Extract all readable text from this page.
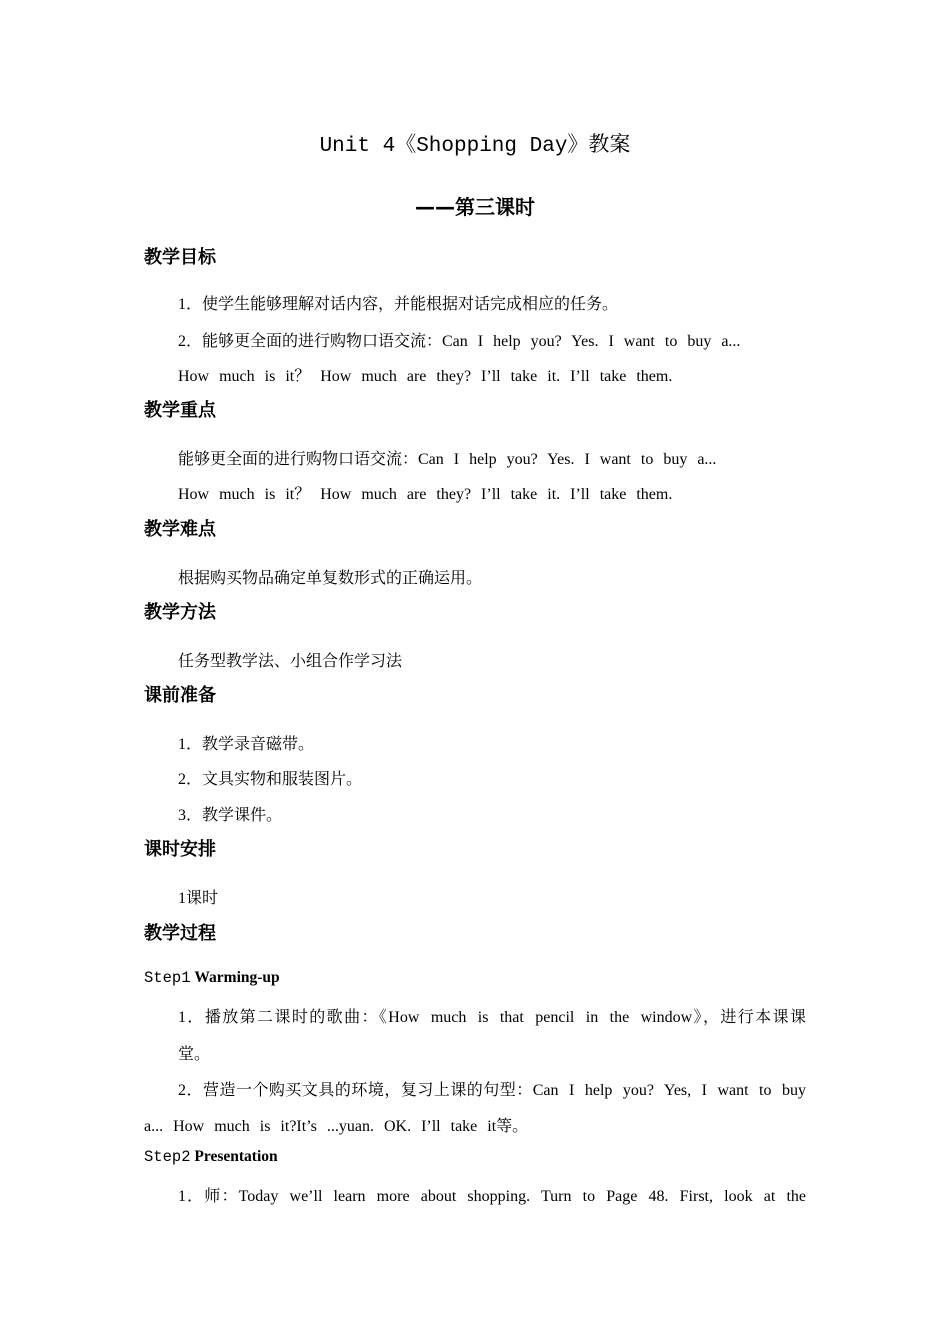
Unit 4《Shopping Day》教案
——第三课时
教学目标
1．使学生能够理解对话内容，并能根据对话完成相应的任务。
2．能够更全面的进行购物口语交流：Can I help you? Yes. I want to buy a...
How much is it？ How much are they? I’ll take it. I’ll take them.
教学重点
能够更全面的进行购物口语交流：Can I help you? Yes. I want to buy a...
How much is it？ How much are they? I’ll take it. I’ll take them.
教学难点
根据购买物品确定单复数形式的正确运用。
教学方法
任务型教学法、小组合作学习法
课前准备
1．教学录音磁带。
2．文具实物和服装图片。
3．教学课件。
课时安排
1课时
教学过程
Step1 Warming-up
1．播放第二课时的歌曲：《How much is that pencil in the window》，进行本课课
堂。
2．营造一个购买文具的环境，复习上课的句型：Can I help you? Yes, I want to buy
a... How much is it?It’s ...yuan. OK. I’ll take it等。
Step2 Presentation
1．师：Today we’ll learn more about shopping. Turn to Page 48. First, look at the
